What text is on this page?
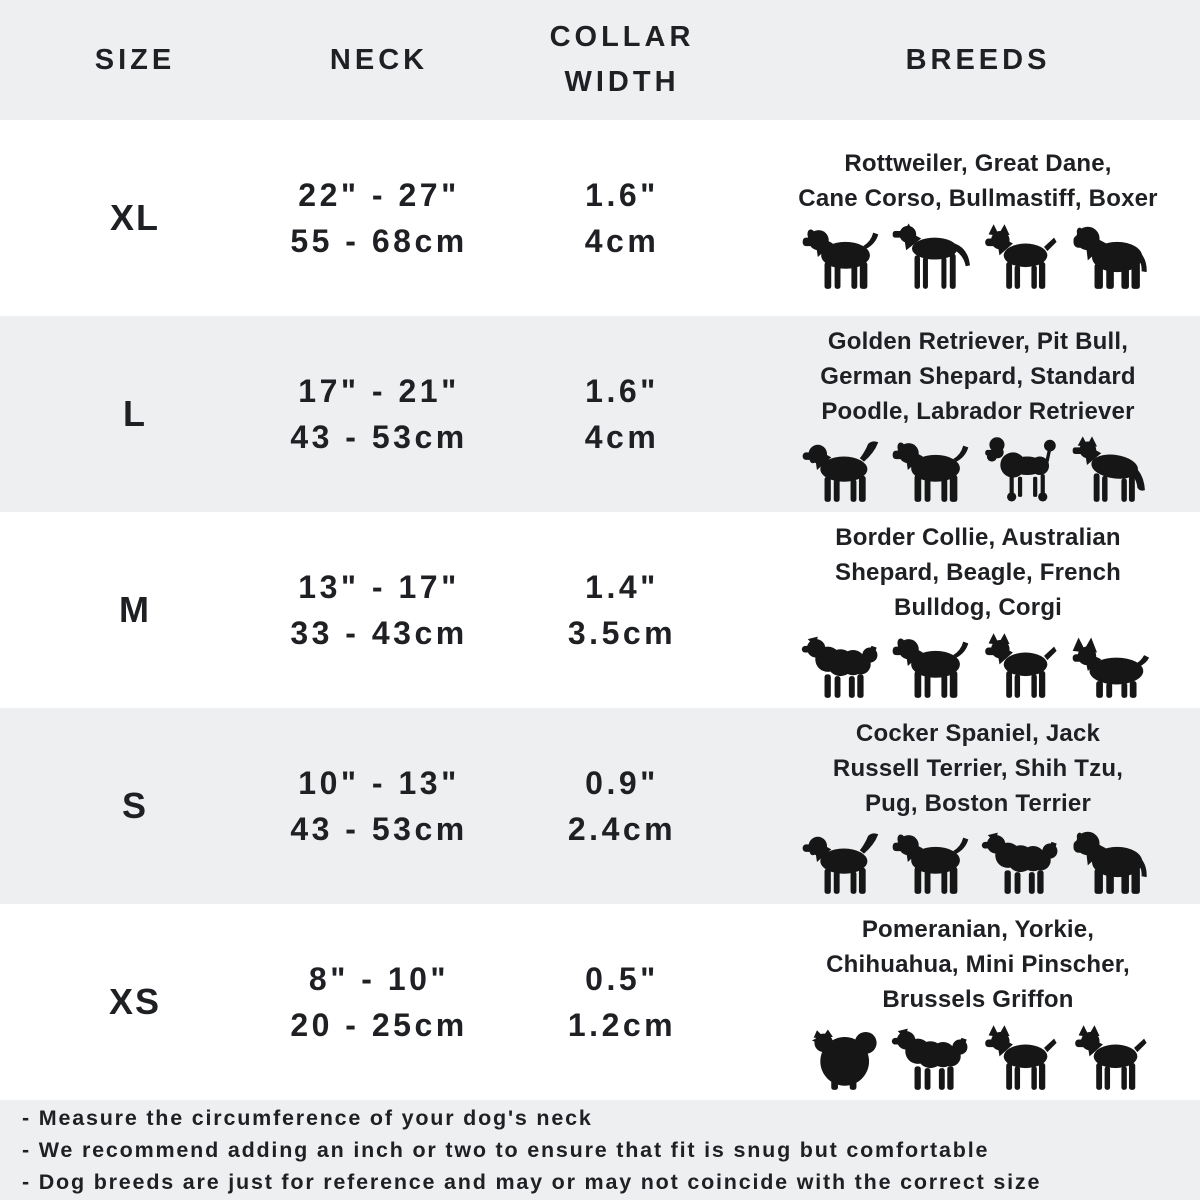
SIZE	NECK
COLLAR WIDTH
BREEDS
XL
22" - 27"
55 - 68cm
1.6"
4cm
Rottweiler, Great Dane,
Cane Corso, Bullmastiff, Boxer
L
17" - 21"
43 - 53cm
1.6"
4cm
Golden Retriever, Pit Bull,
German Shepard, Standard
Poodle, Labrador Retriever
M
13" - 17"
33 - 43cm
1.4"
3.5cm
Border Collie, Australian
Shepard, Beagle, French
Bulldog, Corgi
S
10" - 13"
43 - 53cm
0.9"
2.4cm
Cocker Spaniel, Jack
Russell Terrier, Shih Tzu,
Pug, Boston Terrier
XS
8" - 10"
20 - 25cm
0.5"
1.2cm
Pomeranian, Yorkie,
Chihuahua, Mini Pinscher,
Brussels Griffon
- Measure the circumference of your dog's neck
- We recommend adding an inch or two to ensure that fit is snug but comfortable
- Dog breeds are just for reference and may or may not coincide with the correct size
